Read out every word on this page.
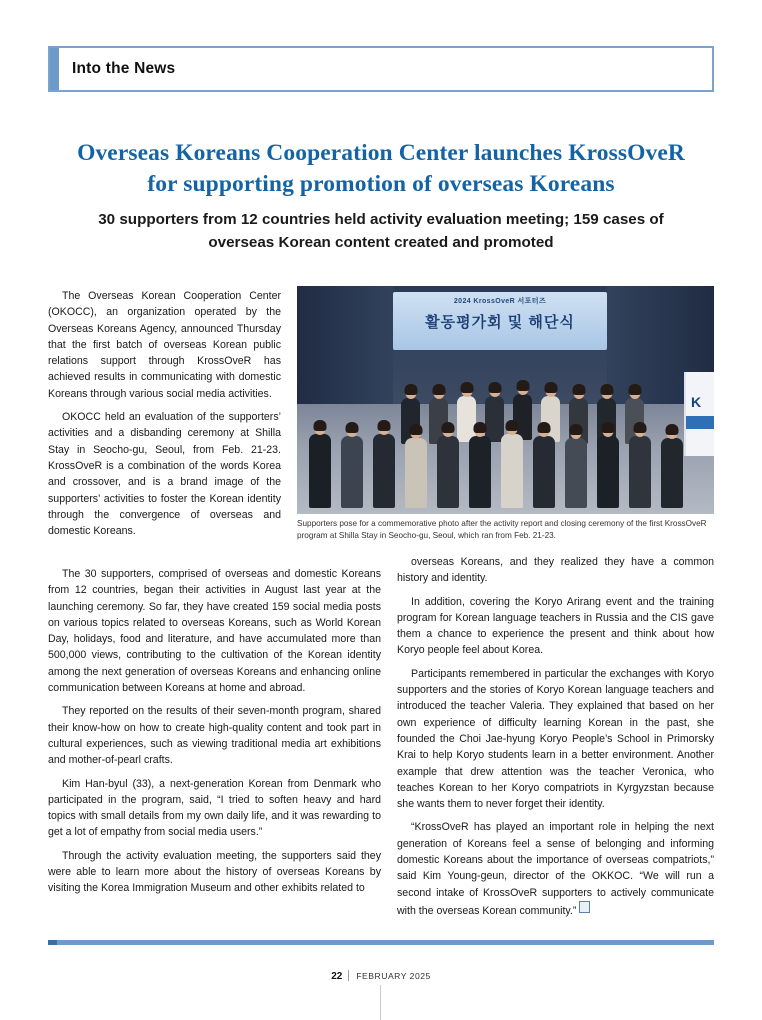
Into the News
Overseas Koreans Cooperation Center launches KrossOveR
for supporting promotion of overseas Koreans
30 supporters from 12 countries held activity evaluation meeting; 159 cases of
overseas Korean content created and promoted
2024 KrossOveR 서포터즈
활동평가회 및 해단식
K
Supporters pose for a commemorative photo after the activity report and closing ceremony of the first KrossOveR program at Shilla Stay in Seocho-gu, Seoul, which ran from Feb. 21-23.

The Overseas Korean Cooperation Center (OKOCC), an organization operated by the Overseas Koreans Agency, announced Thursday that the first batch of overseas Korean public relations support through KrossOveR has achieved results in communicating with domestic Koreans through various social media activities.

OKOCC held an evaluation of the supporters’ activities and a disbanding ceremony at Shilla Stay in Seocho-gu, Seoul, from Feb. 21-23. KrossOveR is a combination of the words Korea and crossover, and is a brand image of the supporters’ activities to foster the Korean identity through the convergence of overseas and domestic Koreans.

The 30 supporters, comprised of overseas and domestic Koreans from 12 countries, began their activities in August last year at the launching ceremony. So far, they have created 159 social media posts on various topics related to overseas Koreans, such as World Korean Day, holidays, food and literature, and have accumulated more than 500,000 views, contributing to the cultivation of the Korean identity among the next generation of overseas Koreans and enhancing online communication between Koreans at home and abroad.

They reported on the results of their seven-month program, shared their know-how on how to create high-quality content and took part in cultural experiences, such as viewing traditional media art exhibitions and mother-of-pearl crafts.

Kim Han-byul (33), a next-generation Korean from Denmark who participated in the program, said, “I tried to soften heavy and hard topics with small details from my own daily life, and it was rewarding to get a lot of empathy from social media users.”

Through the activity evaluation meeting, the supporters said they were able to learn more about the history of overseas Koreans by visiting the Korea Immigration Museum and other exhibits related to

overseas Koreans, and they realized they have a common history and identity.

In addition, covering the Koryo Arirang event and the training program for Korean language teachers in Russia and the CIS gave them a chance to experience the present and think about how Koryo people feel about Korea.

Participants remembered in particular the exchanges with Koryo supporters and the stories of Koryo Korean language teachers and introduced the teacher Valeria. They explained that based on her own experience of difficulty learning Korean in the past, she founded the Choi Jae-hyung Koryo People’s School in Primorsky Krai to help Koryo students learn in a better environment. Another example that drew attention was the teacher Veronica, who teaches Korean to her Koryo compatriots in Kyrgyzstan because she wants them to never forget their identity.

“KrossOveR has played an important role in helping the next generation of Koreans feel a sense of belonging and informing domestic Koreans about the importance of overseas compatriots,” said Kim Young-geun, director of the OKKOC. “We will run a second intake of KrossOveR supporters to actively communicate with the overseas Korean community.”

22 FEBRUARY 2025
